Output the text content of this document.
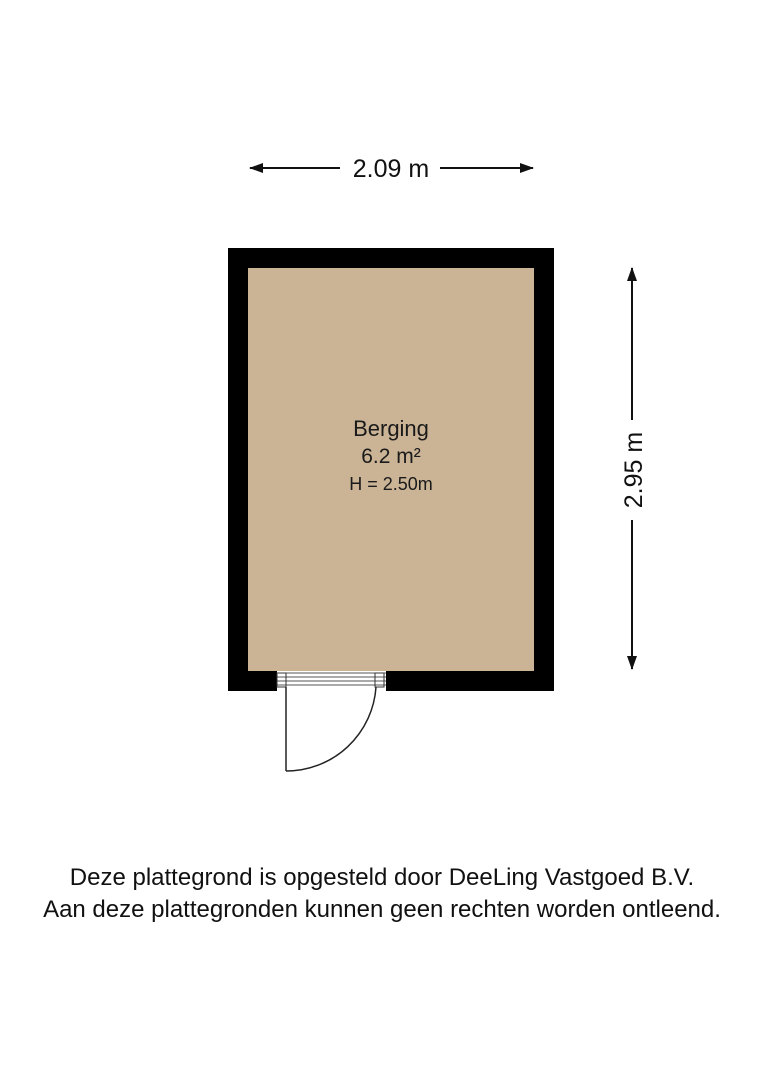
2.09 m
2.95 m
Berging
6.2 m²
H = 2.50m
Deze plattegrond is opgesteld door DeeLing Vastgoed B.V.
Aan deze plattegronden kunnen geen rechten worden ontleend.
